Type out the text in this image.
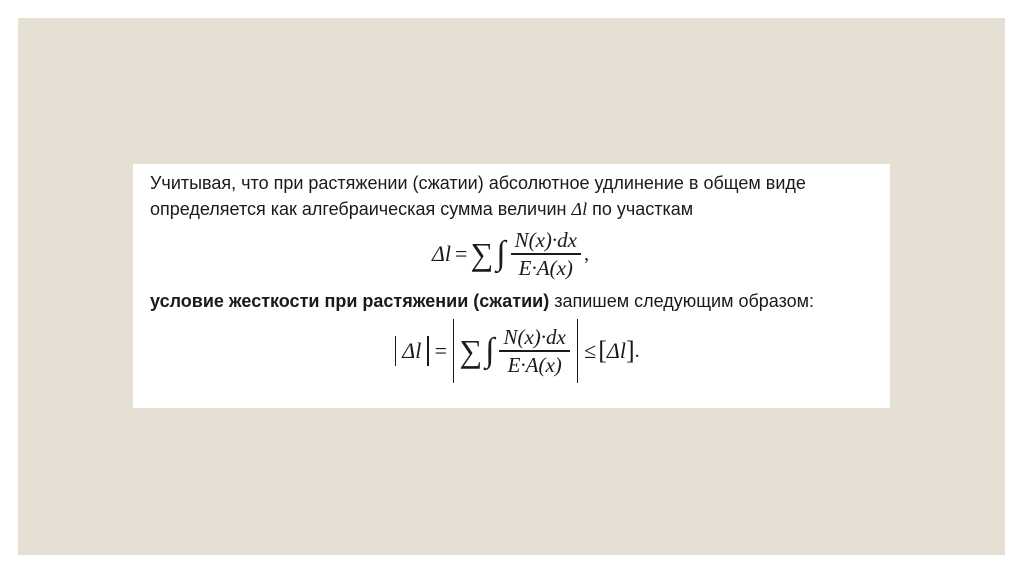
Учитывая, что при растяжении (сжатии) абсолютное удлинение в общем виде
определяется как алгебраическая сумма величин Δl по участкам
Δl = ∑ ∫ $\frac{N(x)\cdot dx}{E\cdot A(x)}$ ,
условие жесткости при растяжении (сжатии) запишем следующим образом:
Δl = ∑ ∫ $\frac{N(x)\cdot dx}{E\cdot A(x)}$ ≤ [ Δl ] .
